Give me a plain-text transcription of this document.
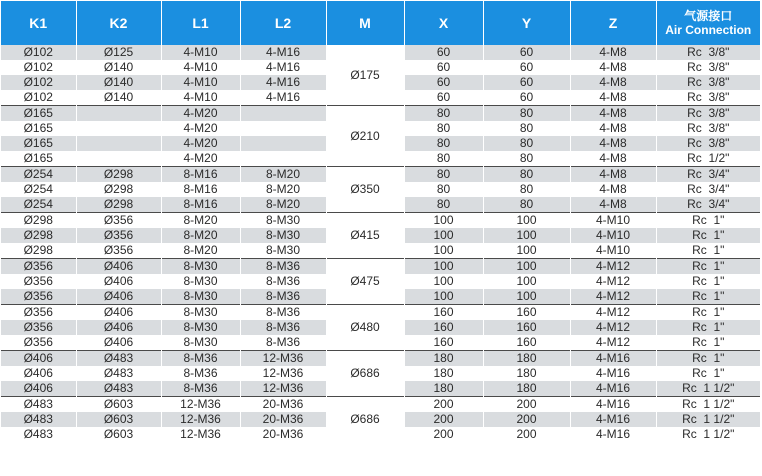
K1	K2	L1	L2	M	X	Y	Z	气源接口
Air Connection

Ø102	Ø125	4-M10	4-M16	Ø175	60	60	4-M8	Rc  3/8"
Ø102	Ø140	4-M10	4-M16		60	60	4-M8	Rc  3/8"
Ø102	Ø140	4-M10	4-M16		60	60	4-M8	Rc  3/8"
Ø102	Ø140	4-M10	4-M16		60	60	4-M8	Rc  3/8"
Ø165		4-M20		Ø210	80	80	4-M8	Rc  3/8"
Ø165		4-M20			80	80	4-M8	Rc  3/8"
Ø165		4-M20			80	80	4-M8	Rc  3/8"
Ø165		4-M20			80	80	4-M8	Rc  1/2"
Ø254	Ø298	8-M16	8-M20	Ø350	80	80	4-M8	Rc  3/4"
Ø254	Ø298	8-M16	8-M20		80	80	4-M8	Rc  3/4"
Ø254	Ø298	8-M16	8-M20		80	80	4-M8	Rc  3/4"
Ø298	Ø356	8-M20	8-M30	Ø415	100	100	4-M10	Rc  1"
Ø298	Ø356	8-M20	8-M30		100	100	4-M10	Rc  1"
Ø298	Ø356	8-M20	8-M30		100	100	4-M10	Rc  1"
Ø356	Ø406	8-M30	8-M36	Ø475	100	100	4-M12	Rc  1"
Ø356	Ø406	8-M30	8-M36		100	100	4-M12	Rc  1"
Ø356	Ø406	8-M30	8-M36		100	100	4-M12	Rc  1"
Ø356	Ø406	8-M30	8-M36	Ø480	160	160	4-M12	Rc  1"
Ø356	Ø406	8-M30	8-M36		160	160	4-M12	Rc  1"
Ø356	Ø406	8-M30	8-M36		160	160	4-M12	Rc  1"
Ø406	Ø483	8-M36	12-M36	Ø686	180	180	4-M16	Rc  1"
Ø406	Ø483	8-M36	12-M36		180	180	4-M16	Rc  1"
Ø406	Ø483	8-M36	12-M36		180	180	4-M16	Rc  1 1/2"
Ø483	Ø603	12-M36	20-M36	Ø686	200	200	4-M16	Rc  1 1/2"
Ø483	Ø603	12-M36	20-M36		200	200	4-M16	Rc  1 1/2"
Ø483	Ø603	12-M36	20-M36		200	200	4-M16	Rc  1 1/2"
